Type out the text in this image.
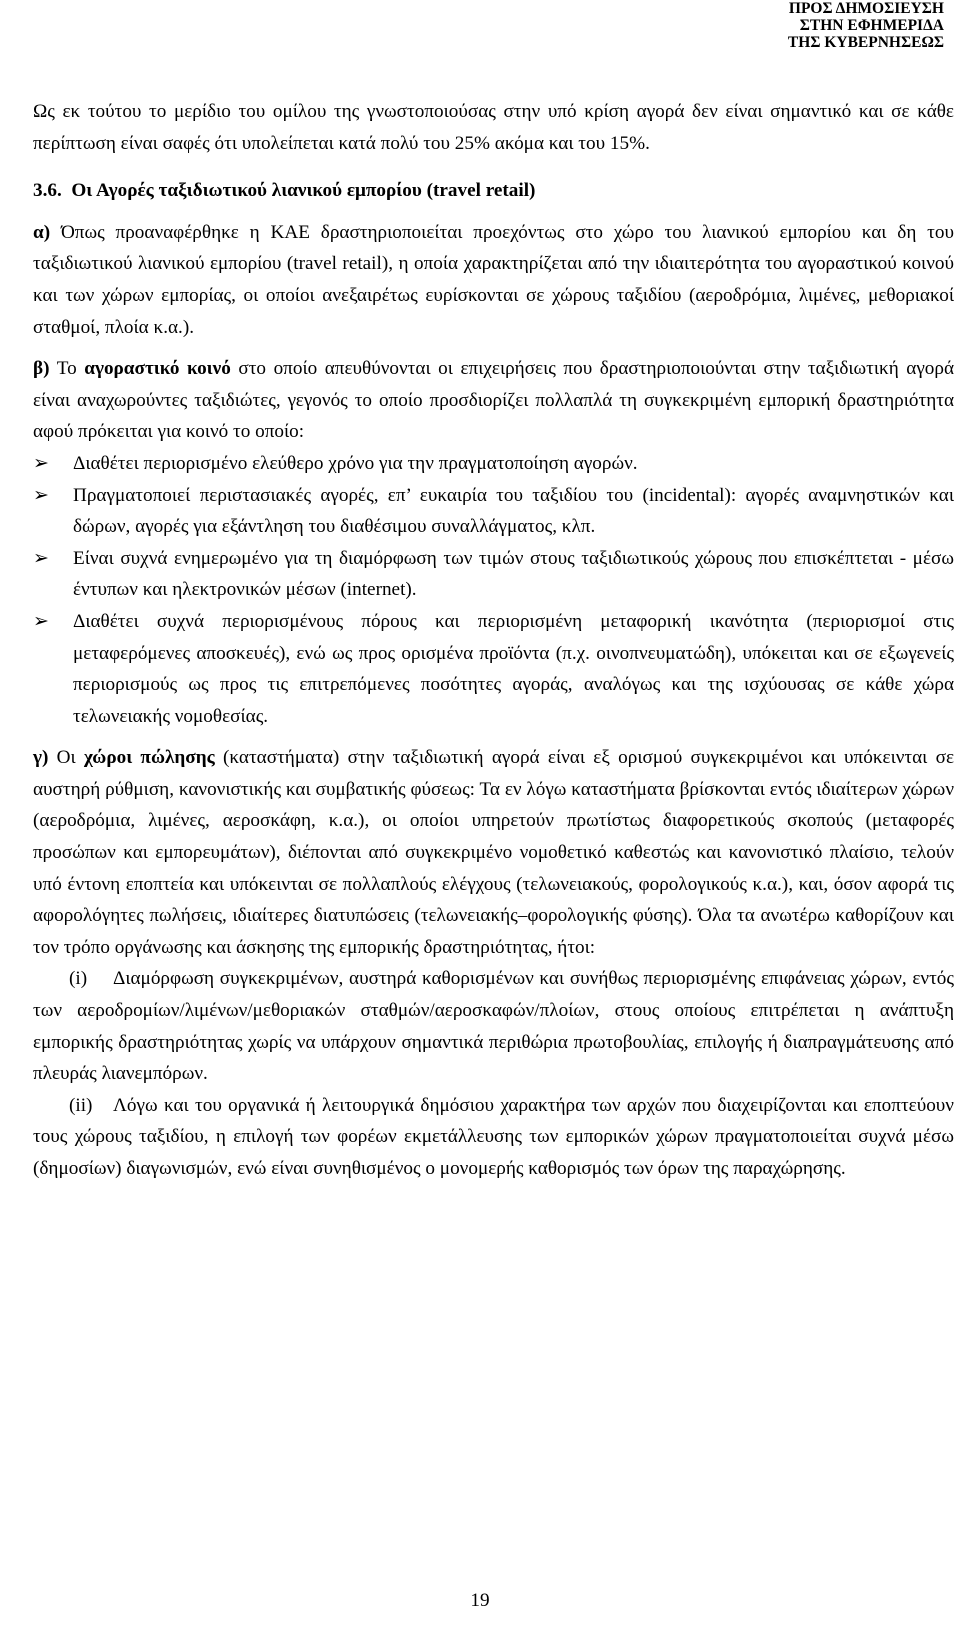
ΠΡΟΣ ΔΗΜΟΣΙΕΥΣΗ
ΣΤΗΝ ΕΦΗΜΕΡΙΔΑ
ΤΗΣ ΚΥΒΕΡΝΗΣΕΩΣ

Ως εκ τούτου το μερίδιο του ομίλου της γνωστοποιούσας στην υπό κρίση αγορά δεν είναι σημαντικό και σε κάθε περίπτωση είναι σαφές ότι υπολείπεται κατά πολύ του 25% ακόμα και του 15%.

3.6. Οι Αγορές ταξιδιωτικού λιανικού εμπορίου (travel retail)

α) Όπως προαναφέρθηκε η ΚΑΕ δραστηριοποιείται προεχόντως στο χώρο του λιανικού εμπορίου και δη του ταξιδιωτικού λιανικού εμπορίου (travel retail), η οποία χαρακτηρίζεται από την ιδιαιτερότητα του αγοραστικού κοινού και των χώρων εμπορίας, οι οποίοι ανεξαιρέτως ευρίσκονται σε χώρους ταξιδίου (αεροδρόμια, λιμένες, μεθοριακοί σταθμοί, πλοία κ.α.).

β) Το αγοραστικό κοινό στο οποίο απευθύνονται οι επιχειρήσεις που δραστηριοποιούνται στην ταξιδιωτική αγορά είναι αναχωρούντες ταξιδιώτες, γεγονός το οποίο προσδιορίζει πολλαπλά τη συγκεκριμένη εμπορική δραστηριότητα αφού πρόκειται για κοινό το οποίο:

➢	Διαθέτει περιορισμένο ελεύθερο χρόνο για την πραγματοποίηση αγορών.
➢	Πραγματοποιεί περιστασιακές αγορές, επ’ ευκαιρία του ταξιδίου του (incidental): αγορές αναμνηστικών και δώρων, αγορές για εξάντληση του διαθέσιμου συναλλάγματος, κλπ.
➢	Είναι συχνά ενημερωμένο για τη διαμόρφωση των τιμών στους ταξιδιωτικούς χώρους που επισκέπτεται - μέσω έντυπων και ηλεκτρονικών μέσων (internet).
➢	Διαθέτει συχνά περιορισμένους πόρους και περιορισμένη μεταφορική ικανότητα (περιορισμοί στις μεταφερόμενες αποσκευές), ενώ ως προς ορισμένα προϊόντα (π.χ. οινοπνευματώδη), υπόκειται και σε εξωγενείς περιορισμούς ως προς τις επιτρεπόμενες ποσότητες αγοράς, αναλόγως και της ισχύουσας σε κάθε χώρα τελωνειακής νομοθεσίας.

γ) Οι χώροι πώλησης (καταστήματα) στην ταξιδιωτική αγορά είναι εξ ορισμού συγκεκριμένοι και υπόκεινται σε αυστηρή ρύθμιση, κανονιστικής και συμβατικής φύσεως: Τα εν λόγω καταστήματα βρίσκονται εντός ιδιαίτερων χώρων (αεροδρόμια, λιμένες, αεροσκάφη, κ.α.), οι οποίοι υπηρετούν πρωτίστως διαφορετικούς σκοπούς (μεταφορές προσώπων και εμπορευμάτων), διέπονται από συγκεκριμένο νομοθετικό καθεστώς και κανονιστικό πλαίσιο, τελούν υπό έντονη εποπτεία και υπόκεινται σε πολλαπλούς ελέγχους (τελωνειακούς, φορολογικούς κ.α.), και, όσον αφορά τις αφορολόγητες πωλήσεις, ιδιαίτερες διατυπώσεις (τελωνειακής–φορολογικής φύσης). Όλα τα ανωτέρω καθορίζουν και τον τρόπο οργάνωσης και άσκησης της εμπορικής δραστηριότητας, ήτοι:

(i) Διαμόρφωση συγκεκριμένων, αυστηρά καθορισμένων και συνήθως περιορισμένης επιφάνειας χώρων, εντός των αεροδρομίων/λιμένων/μεθοριακών σταθμών/αεροσκαφών/πλοίων, στους οποίους επιτρέπεται η ανάπτυξη εμπορικής δραστηριότητας χωρίς να υπάρχουν σημαντικά περιθώρια πρωτοβουλίας, επιλογής ή διαπραγμάτευσης από πλευράς λιανεμπόρων.

(ii) Λόγω και του οργανικά ή λειτουργικά δημόσιου χαρακτήρα των αρχών που διαχειρίζονται και εποπτεύουν τους χώρους ταξιδίου, η επιλογή των φορέων εκμετάλλευσης των εμπορικών χώρων πραγματοποιείται συχνά μέσω (δημοσίων) διαγωνισμών, ενώ είναι συνηθισμένος ο μονομερής καθορισμός των όρων της παραχώρησης.

19
